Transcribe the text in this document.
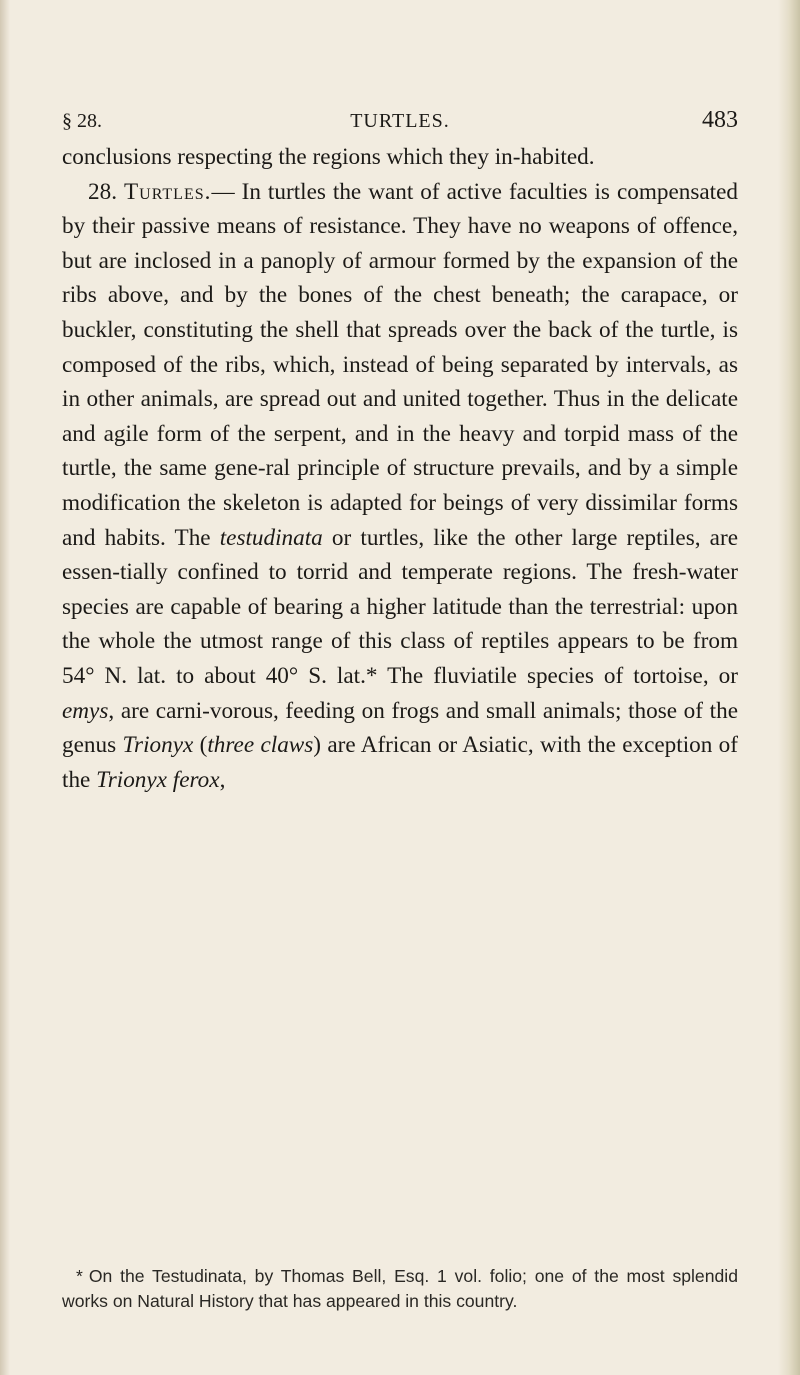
§ 28.	TURTLES.	483

conclusions respecting the regions which they in-habited.

28. Turtles.— In turtles the want of active faculties is compensated by their passive means of resistance. They have no weapons of offence, but are inclosed in a panoply of armour formed by the expansion of the ribs above, and by the bones of the chest beneath; the carapace, or buckler, constituting the shell that spreads over the back of the turtle, is composed of the ribs, which, instead of being separated by intervals, as in other animals, are spread out and united together. Thus in the delicate and agile form of the serpent, and in the heavy and torpid mass of the turtle, the same gene-ral principle of structure prevails, and by a simple modification the skeleton is adapted for beings of very dissimilar forms and habits. The testudinata or turtles, like the other large reptiles, are essen-tially confined to torrid and temperate regions. The fresh-water species are capable of bearing a higher latitude than the terrestrial: upon the whole the utmost range of this class of reptiles appears to be from 54° N. lat. to about 40° S. lat.* The fluviatile species of tortoise, or emys, are carni-vorous, feeding on frogs and small animals; those of the genus Trionyx (three claws) are African or Asiatic, with the exception of the Trionyx ferox,

* On the Testudinata, by Thomas Bell, Esq. 1 vol. folio; one of the most splendid works on Natural History that has appeared in this country.
